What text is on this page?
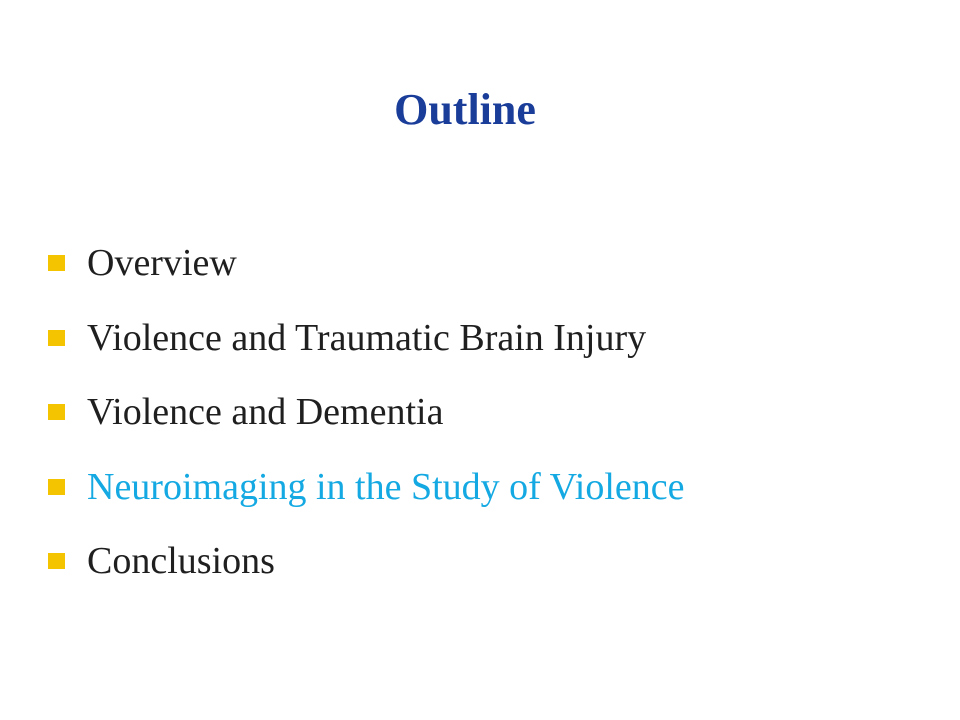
Outline
Overview
Violence and Traumatic Brain Injury
Violence and Dementia
Neuroimaging in the Study of Violence
Conclusions
